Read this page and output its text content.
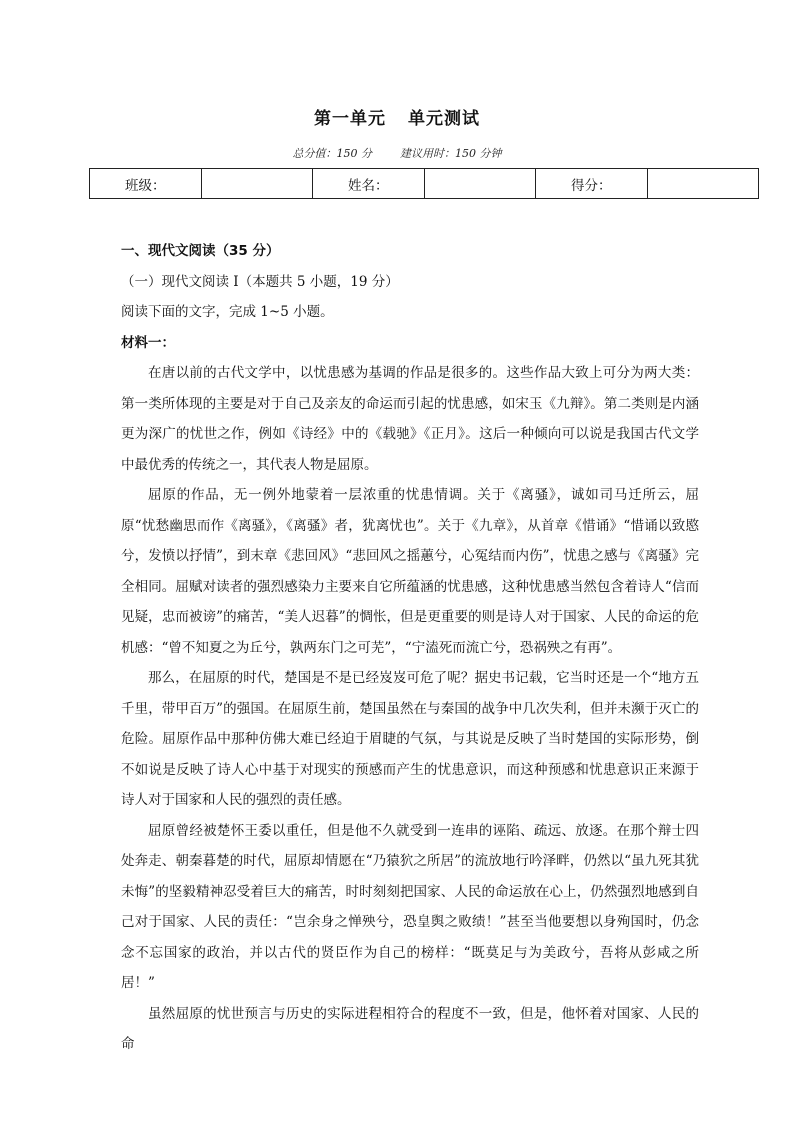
第一单元 单元测试
总分值：150 分	建议用时：150 分钟
班级：		姓名：		得分：	

一、现代文阅读（35 分）

（一）现代文阅读 I（本题共 5 小题，19 分）

阅读下面的文字，完成 1~5 小题。

材料一：

在唐以前的古代文学中，以忧患感为基调的作品是很多的。这些作品大致上可分为两大类：第一类所体现的主要是对于自己及亲友的命运而引起的忧患感，如宋玉《九辩》。第二类则是内涵更为深广的忧世之作，例如《诗经》中的《载驰》《正月》。这后一种倾向可以说是我国古代文学中最优秀的传统之一，其代表人物是屈原。

屈原的作品，无一例外地蒙着一层浓重的忧患情调。关于《离骚》，诚如司马迁所云，屈原“忧愁幽思而作《离骚》，《离骚》者，犹离忧也”。关于《九章》，从首章《惜诵》“惜诵以致愍兮，发愤以抒情”，到末章《悲回风》“悲回风之摇蕙兮，心冤结而内伤”，忧患之感与《离骚》完全相同。屈赋对读者的强烈感染力主要来自它所蕴涵的忧患感，这种忧患感当然包含着诗人“信而见疑，忠而被谤”的痛苦，“美人迟暮”的惆怅，但是更重要的则是诗人对于国家、人民的命运的危机感：“曾不知夏之为丘兮，孰两东门之可芜”，“宁溘死而流亡兮，恐祸殃之有再”。

那么，在屈原的时代，楚国是不是已经岌岌可危了呢？据史书记载，它当时还是一个“地方五千里，带甲百万”的强国。在屈原生前，楚国虽然在与秦国的战争中几次失利，但并未濒于灭亡的危险。屈原作品中那种仿佛大难已经迫于眉睫的气氛，与其说是反映了当时楚国的实际形势，倒不如说是反映了诗人心中基于对现实的预感而产生的忧患意识，而这种预感和忧患意识正来源于诗人对于国家和人民的强烈的责任感。

屈原曾经被楚怀王委以重任，但是他不久就受到一连串的诬陷、疏远、放逐。在那个辩士四处奔走、朝秦暮楚的时代，屈原却情愿在“乃猿狖之所居”的流放地行吟泽畔，仍然以“虽九死其犹未悔”的坚毅精神忍受着巨大的痛苦，时时刻刻把国家、人民的命运放在心上，仍然强烈地感到自己对于国家、人民的责任：“岂余身之惮殃兮，恐皇舆之败绩！”甚至当他要想以身殉国时，仍念念不忘国家的政治，并以古代的贤臣作为自己的榜样：“既莫足与为美政兮，吾将从彭咸之所居！”

虽然屈原的忧世预言与历史的实际进程相符合的程度不一致，但是，他怀着对国家、人民的命
